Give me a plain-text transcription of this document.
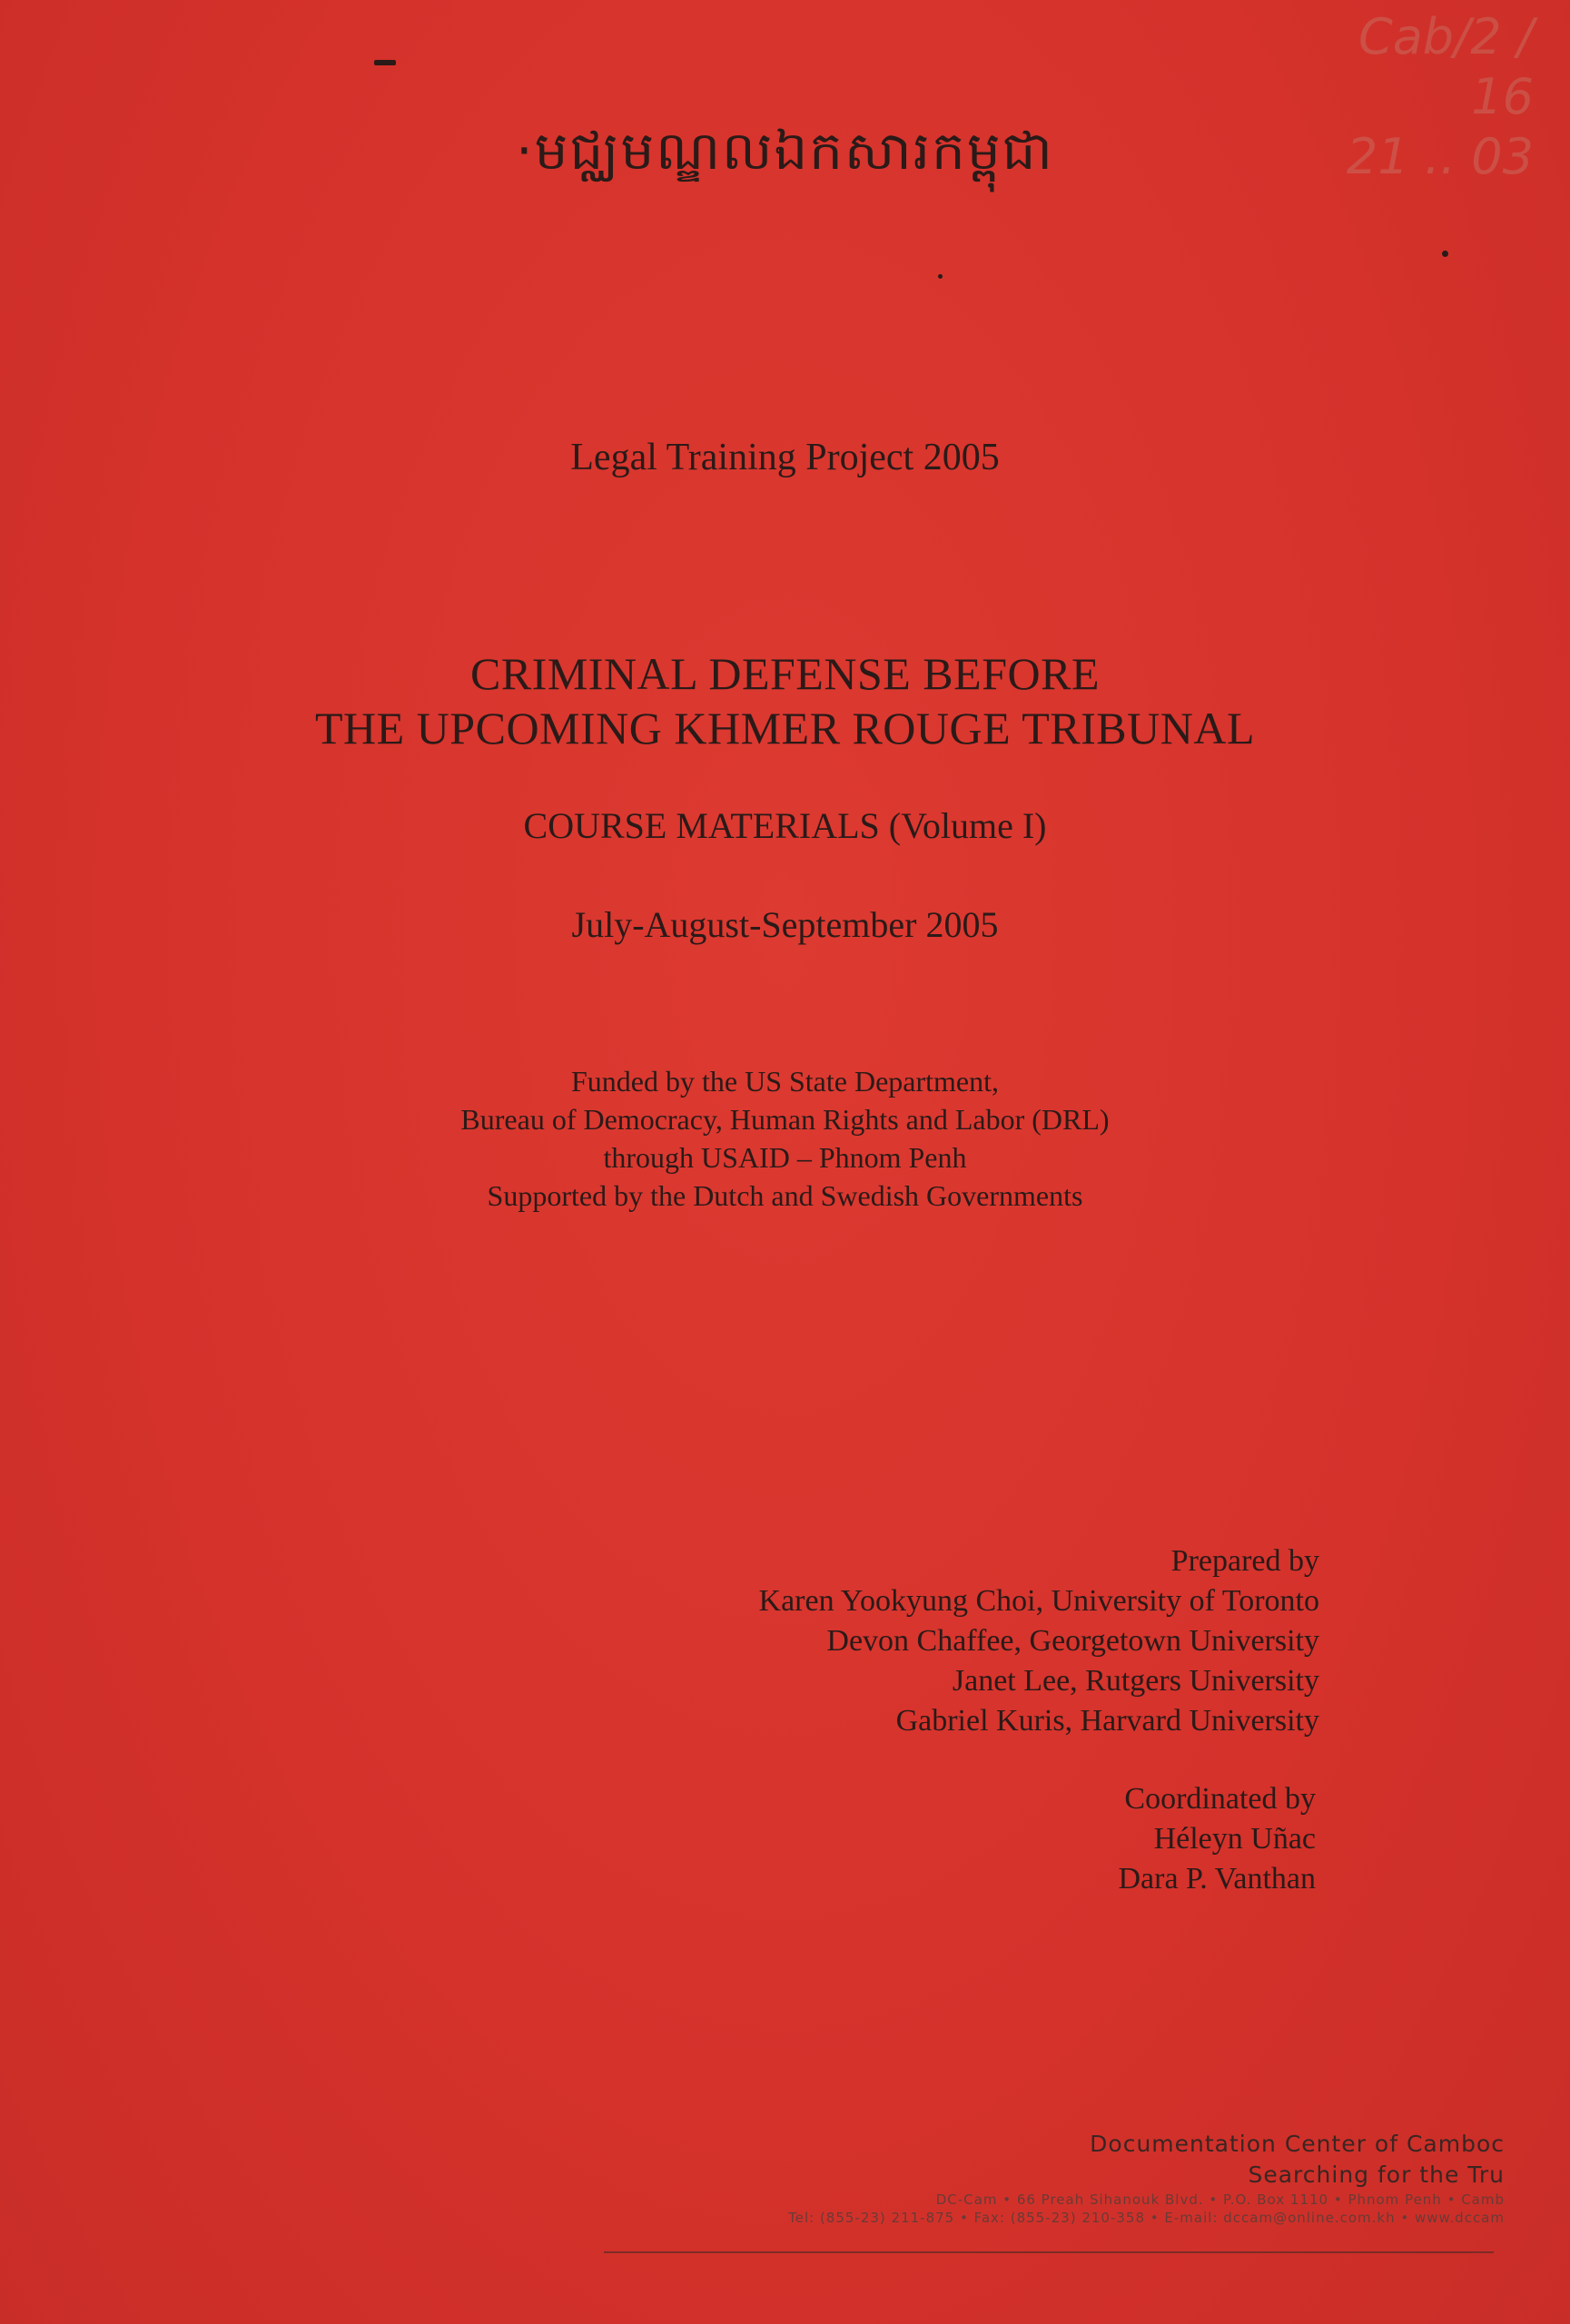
Cab/2 / 16
21 .. 03
·មជ្ឈមណ្ឌលឯកសារកម្ពុជា
Legal Training Project 2005
CRIMINAL DEFENSE BEFORE
THE UPCOMING KHMER ROUGE TRIBUNAL
COURSE MATERIALS (Volume I)
July-August-September 2005
Funded by the US State Department,
Bureau of Democracy, Human Rights and Labor (DRL)
through USAID – Phnom Penh
Supported by the Dutch and Swedish Governments
Prepared by
Karen Yookyung Choi, University of Toronto
Devon Chaffee, Georgetown University
Janet Lee, Rutgers University
Gabriel Kuris, Harvard University
Coordinated by
Héleyn Uñac
Dara P. Vanthan
Documentation Center of Camboc
Searching for the Tru
DC-Cam • 66 Preah Sihanouk Blvd. • P.O. Box 1110 • Phnom Penh • Camb
Tel: (855-23) 211-875 • Fax: (855-23) 210-358 • E-mail: dccam@online.com.kh • www.dccam
